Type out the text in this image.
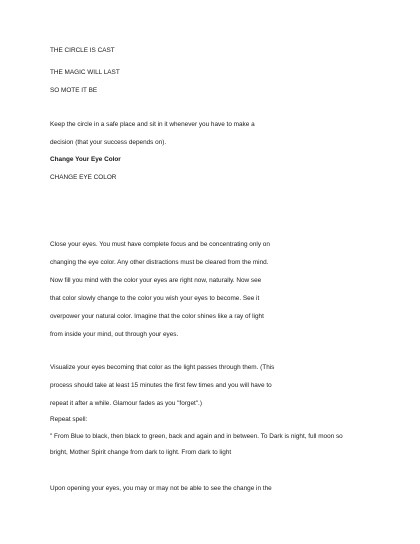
THE CIRCLE IS CAST
THE MAGIC WILL LAST
SO MOTE IT BE
Keep the circle in a safe place and sit in it whenever you have to make a
decision (that your success depends on).
Change Your Eye Color
CHANGE EYE COLOR
Close your eyes. You must have complete focus and be concentrating only on
changing the eye color. Any other distractions must be cleared from the mind.
Now fill you mind with the color your eyes are right now, naturally. Now see
that color slowly change to the color you wish your eyes to become. See it
overpower your natural color. Imagine that the color shines like a ray of light
from inside your mind, out through your eyes.
Visualize your eyes becoming that color as the light passes through them. (This
process should take at least 15 minutes the first few times and you will have to
repeat it after a while. Glamour fades as you "forget".)
Repeat spell:
" From Blue to black, then black to green, back and again and in between. To Dark is night, full moon so
bright, Mother Spirit change from dark to light. From dark to light
Upon opening your eyes, you may or may not be able to see the change in the
